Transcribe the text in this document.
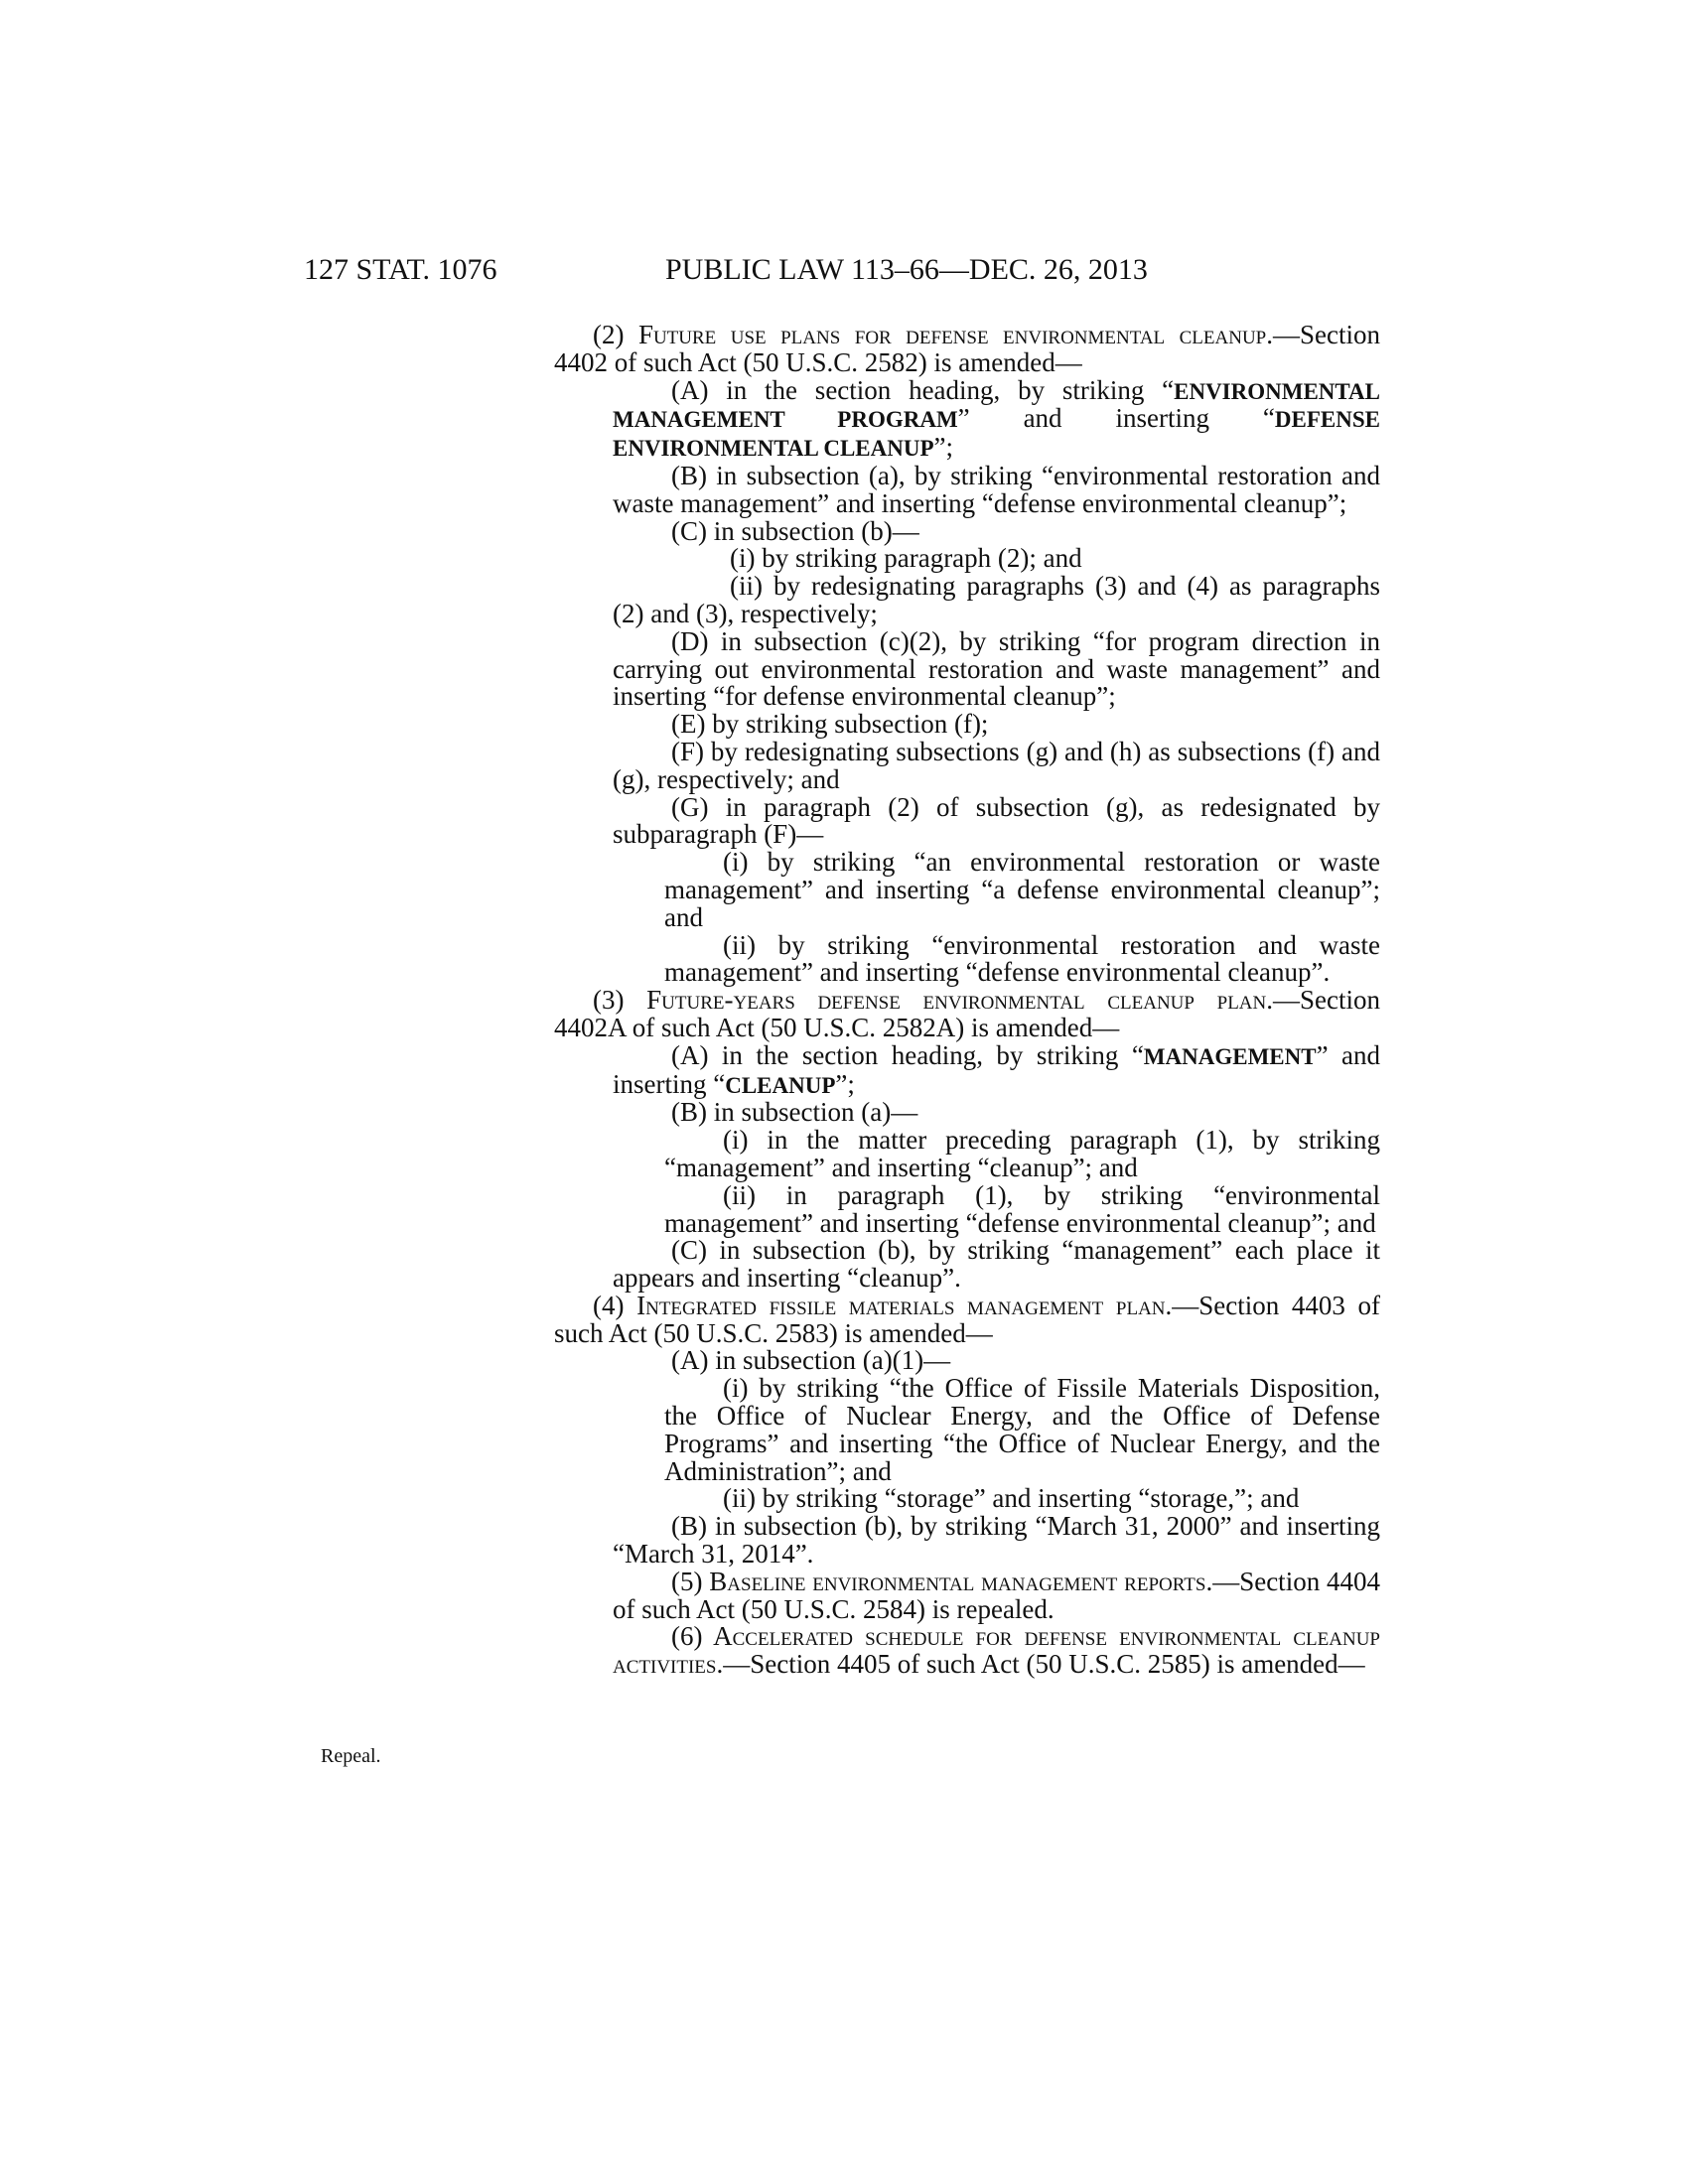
127 STAT. 1076	PUBLIC LAW 113–66—DEC. 26, 2013
Repeal.

(2) Future use plans for defense environmental cleanup.—Section 4402 of such Act (50 U.S.C. 2582) is amended—

(A) in the section heading, by striking “ENVIRONMENTAL MANAGEMENT PROGRAM” and inserting “DEFENSE ENVIRONMENTAL CLEANUP”;

(B) in subsection (a), by striking “environmental restoration and waste management” and inserting “defense environmental cleanup”;

(C) in subsection (b)—

(i) by striking paragraph (2); and

(ii) by redesignating paragraphs (3) and (4) as paragraphs (2) and (3), respectively;

(D) in subsection (c)(2), by striking “for program direction in carrying out environmental restoration and waste management” and inserting “for defense environmental cleanup”;

(E) by striking subsection (f);

(F) by redesignating subsections (g) and (h) as subsections (f) and (g), respectively; and

(G) in paragraph (2) of subsection (g), as redesignated by subparagraph (F)—

(i) by striking “an environmental restoration or waste management” and inserting “a defense environmental cleanup”; and

(ii) by striking “environmental restoration and waste management” and inserting “defense environmental cleanup”.

(3) Future-years defense environmental cleanup plan.—Section 4402A of such Act (50 U.S.C. 2582A) is amended—

(A) in the section heading, by striking “MANAGEMENT” and inserting “CLEANUP”;

(B) in subsection (a)—

(i) in the matter preceding paragraph (1), by striking “management” and inserting “cleanup”; and

(ii) in paragraph (1), by striking “environmental management” and inserting “defense environmental cleanup”; and

(C) in subsection (b), by striking “management” each place it appears and inserting “cleanup”.

(4) Integrated fissile materials management plan.—Section 4403 of such Act (50 U.S.C. 2583) is amended—

(A) in subsection (a)(1)—

(i) by striking “the Office of Fissile Materials Disposition, the Office of Nuclear Energy, and the Office of Defense Programs” and inserting “the Office of Nuclear Energy, and the Administration”; and

(ii) by striking “storage” and inserting “storage,”; and

(B) in subsection (b), by striking “March 31, 2000” and inserting “March 31, 2014”.

(5) Baseline environmental management reports.—Section 4404 of such Act (50 U.S.C. 2584) is repealed.

(6) Accelerated schedule for defense environmental cleanup activities.—Section 4405 of such Act (50 U.S.C. 2585) is amended—
